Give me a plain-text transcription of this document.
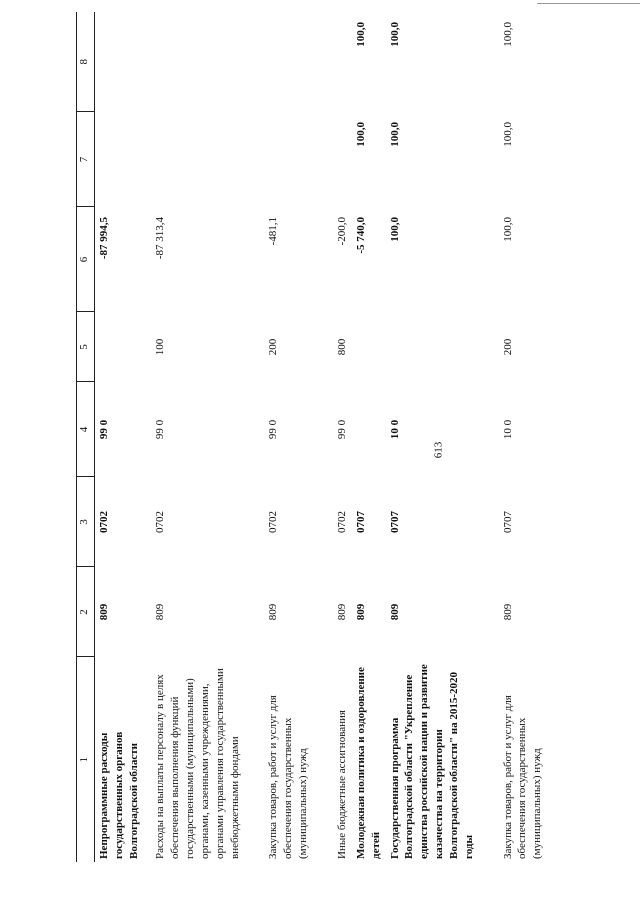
613
1	2	3	4	5	6	7	8
Непрограммные расходы государственных органов Волгоградской области	809	0702	99 0		-87 994,5		
Расходы на выплаты персоналу в целях обеспечения выполнения функций государственными (муниципальными) органами, казенными учреждениями, органами управления государственными внебюджетными фондами	809	0702	99 0	100	-87 313,4		
Закупка товаров, работ и услуг для обеспечения государственных (муниципальных) нужд	809	0702	99 0	200	-481,1		
Иные бюджетные ассигнования	809	0702	99 0	800	-200,0		
Молодежная политика и оздоровление детей	809	0707			-5 740,0	100,0	100,0
Государственная программа Волгоградской области "Укрепление единства российской нации и развитие казачества на территории Волгоградской области" на 2015-2020 годы	809	0707	10 0		100,0	100,0	100,0
Закупка товаров, работ и услуг для обеспечения государственных (муниципальных) нужд	809	0707	10 0	200	100,0	100,0	100,0
